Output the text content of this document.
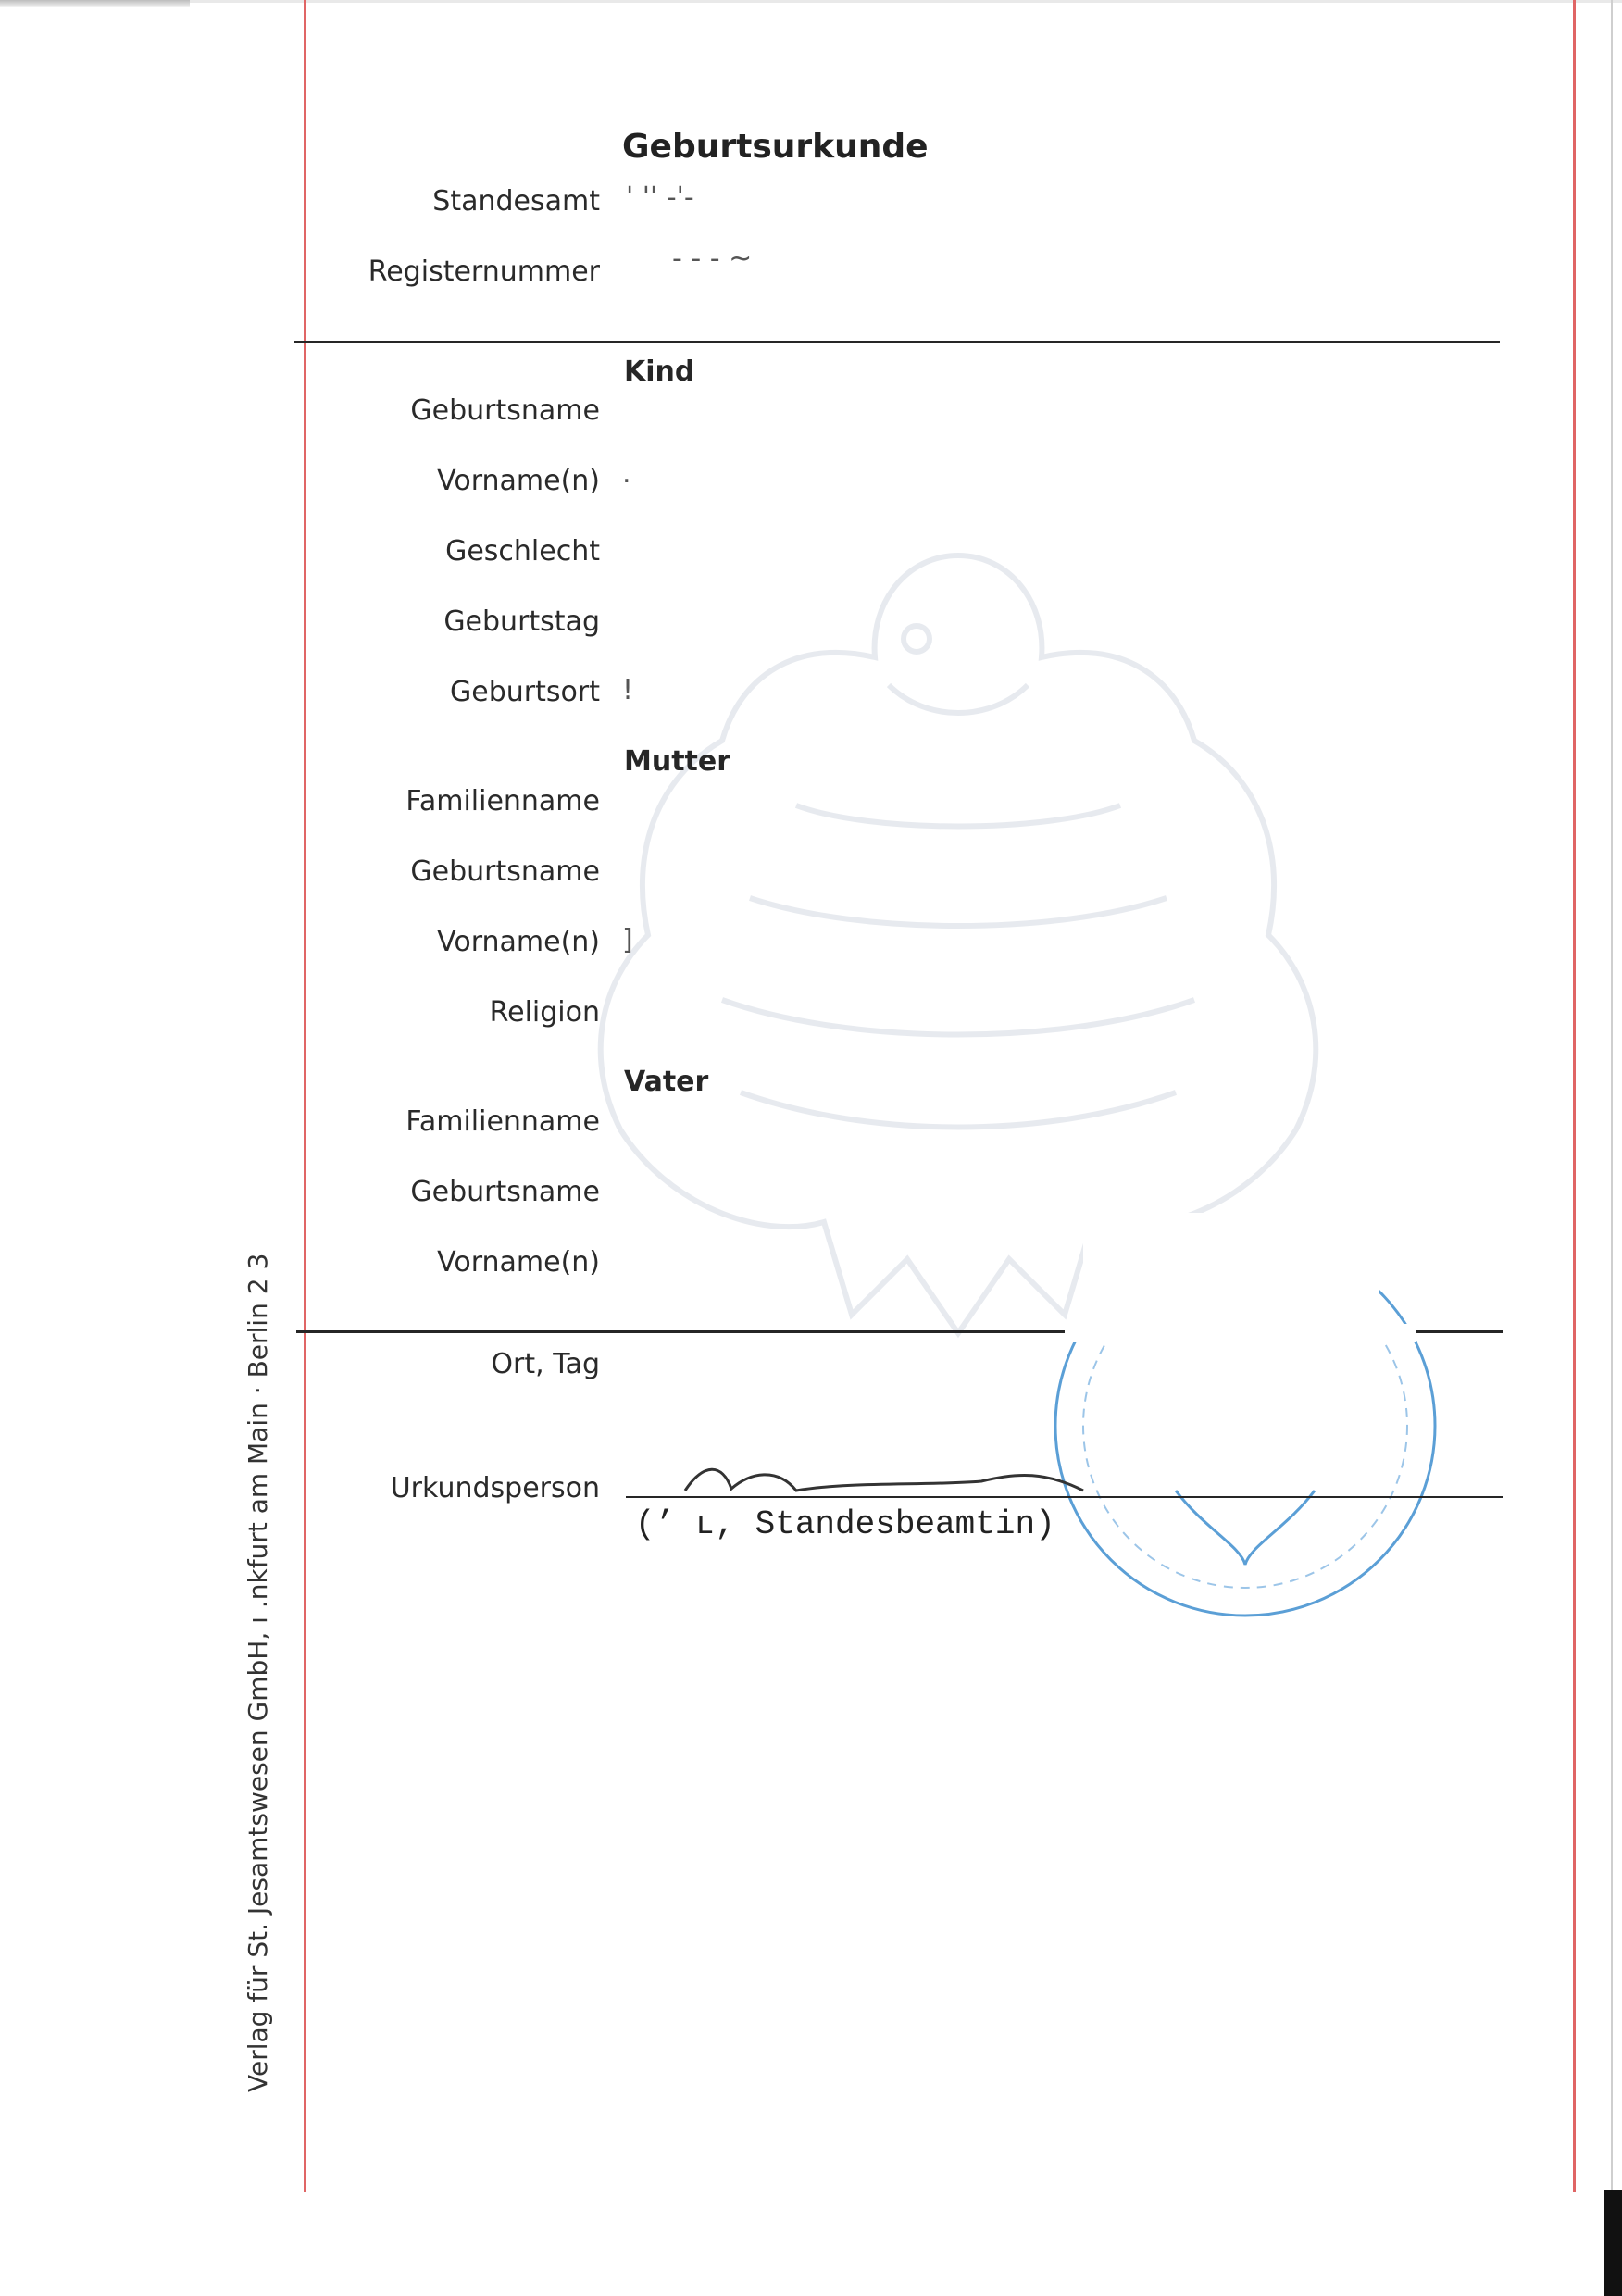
Geburtsurkunde
Standesamt ' '' -'-
Registernummer	- - - ~
Kind
Geburtsname
Vorname(n) .
Geschlecht
Geburtstag
Geburtsort !
Mutter
Familienname
Geburtsname
Vorname(n) ]
Religion
Vater
Familienname
Geburtsname
Vorname(n)
Ort, Tag
Urkundsperson
(’ ʟ, Standesbeamtin)
Verlag für St. Jesamtswesen GmbH, ı .nkfurt am Main · Berlin 2 3
